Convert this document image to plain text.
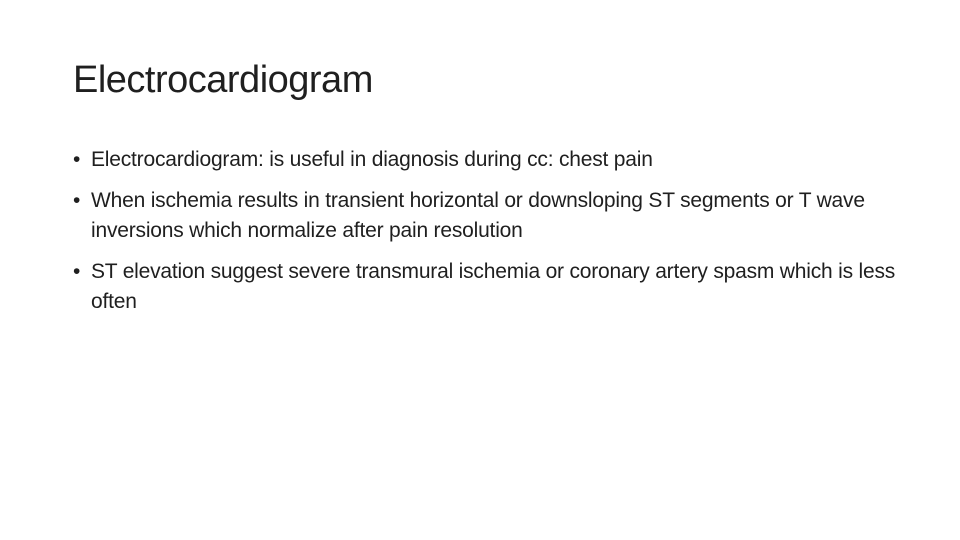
Electrocardiogram
• Electrocardiogram: is useful in diagnosis during cc: chest pain
• When ischemia results in transient horizontal or downsloping ST segments or T wave inversions which normalize after pain resolution
• ST elevation suggest severe transmural ischemia or coronary artery spasm which is less often
